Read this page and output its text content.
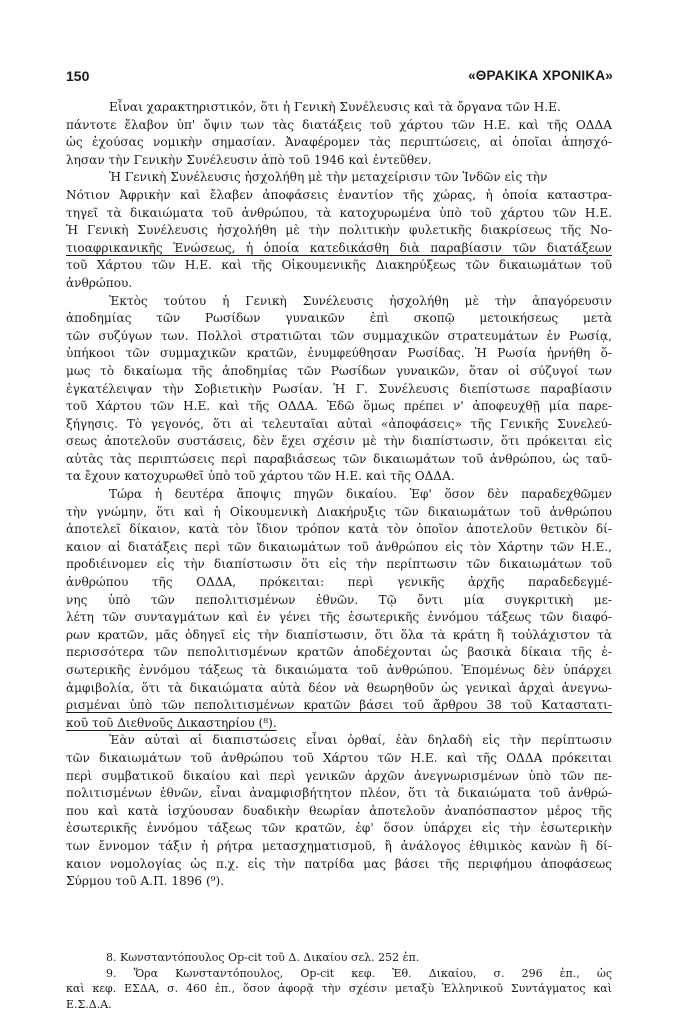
150	«ΘΡΑΚΙΚΑ ΧΡΟΝΙΚΑ»
Εἶναι χαρακτηριστικόν, ὅτι ἡ Γενικὴ Συνέλευσις καὶ τὰ ὄργανα τῶν Η.Ε.
πάντοτε ἔλαβον ὑπ' ὄψιν των τὰς διατάξεις τοῦ χάρτου τῶν Η.Ε. καὶ τῆς ΟΔΔΑ
ὡς ἐχούσας νομικὴν σημασίαν. Ἀναφέρομεν τὰς περιπτώσεις, αἱ ὁποῖαι ἀπησχό-
λησαν τὴν Γενικὴν Συνέλευσιν ἀπὸ τοῦ 1946 καὶ ἐντεῦθεν.
Ἡ Γενικὴ Συνέλευσις ἠσχολήθη μὲ τὴν μεταχείρισιν τῶν Ἰνδῶν εἰς τὴν
Νότιον Ἀφρικὴν καὶ ἔλαβεν ἀποφάσεις ἐναντίον τῆς χώρας, ἡ ὁποία καταστρα-
τηγεῖ τὰ δικαιώματα τοῦ ἀνθρώπου, τὰ κατοχυρωμένα ὑπὸ τοῦ χάρτου τῶν Η.Ε.
Ἡ Γενικὴ Συνέλευσις ἠσχολήθη μὲ τὴν πολιτικὴν φυλετικῆς διακρίσεως τῆς Νο-
τιοαφρικανικῆς Ἑνώσεως, ἡ ὁποία κατεδικάσθη διὰ παραβίασιν τῶν διατάξεων
τοῦ Χάρτου τῶν Η.Ε. καὶ τῆς Οἰκουμενικῆς Διακηρύξεως τῶν δικαιωμάτων τοῦ
ἀνθρώπου.
Ἐκτὸς τούτου ἡ Γενικὴ Συνέλευσις ἠσχολήθη μὲ τὴν ἀπαγόρευσιν
ἀποδημίας τῶν Ρωσίδων γυναικῶν ἐπὶ σκοπῷ μετοικήσεως μετὰ
τῶν συζύγων των. Πολλοὶ στρατιῶται τῶν συμμαχικῶν στρατευμάτων ἐν Ρωσίᾳ,
ὑπήκοοι τῶν συμμαχικῶν κρατῶν, ἐνυμφεύθησαν Ρωσίδας. Ἡ Ρωσία ἠρνήθη ὅ-
μως τὸ δικαίωμα τῆς ἀποδημίας τῶν Ρωσίδων γυναικῶν, ὅταν οἱ σύζυγοί των
ἐγκατέλειψαν τὴν Σοβιετικὴν Ρωσίαν. Ἡ Γ. Συνέλευσις διεπίστωσε παραβίασιν
τοῦ Χάρτου τῶν Η.Ε. καὶ τῆς ΟΔΔΑ. Ἐδῶ ὅμως πρέπει ν' ἀποφευχθῇ μία παρε-
ξήγησις. Τὸ γεγονός, ὅτι αἱ τελευταῖαι αὐταὶ «ἀποφάσεις» τῆς Γενικῆς Συνελεύ-
σεως ἀποτελοῦν συστάσεις, δὲν ἔχει σχέσιν μὲ τὴν διαπίστωσιν, ὅτι πρόκειται εἰς
αὐτὰς τὰς περιπτώσεις περὶ παραβιάσεως τῶν δικαιωμάτων τοῦ ἀνθρώπου, ὡς ταῦ-
τα ἔχουν κατοχυρωθεῖ ὑπὸ τοῦ χάρτου τῶν Η.Ε. καὶ τῆς ΟΔΔΑ.
Τώρα ἡ δευτέρα ἄποψις πηγῶν δικαίου. Ἐφ' ὅσον δὲν παραδεχθῶμεν
τὴν γνώμην, ὅτι καὶ ἡ Οἰκουμενικὴ Διακήρυξις τῶν δικαιωμάτων τοῦ ἀνθρώπου
ἀποτελεῖ δίκαιον, κατὰ τὸν ἴδιον τρόπον κατὰ τὸν ὁποῖον ἀποτελοῦν θετικὸν δί-
καιον αἱ διατάξεις περὶ τῶν δικαιωμάτων τοῦ ἀνθρώπου εἰς τὸν Χάρτην τῶν Η.Ε.,
προδιέινομεν εἰς τὴν διαπίστωσιν ὅτι εἰς τὴν περίπτωσιν τῶν δικαιωμάτων τοῦ
ἀνθρώπου τῆς ΟΔΔΑ, πρόκειται: περὶ γενικῆς ἀρχῆς παραδεδεγμέ-
νης ὑπὸ τῶν πεπολιτισμένων ἐθνῶν. Τῷ ὄντι μία συγκριτικὴ με-
λέτη τῶν συνταγμάτων καὶ ἐν γένει τῆς ἐσωτερικῆς ἐννόμου τάξεως τῶν διαφό-
ρων κρατῶν, μᾶς ὁδηγεῖ εἰς τὴν διαπίστωσιν, ὅτι ὅλα τὰ κράτη ἢ τοὐλάχιστον τὰ
περισσότερα τῶν πεπολιτισμένων κρατῶν ἀποδέχονται ὡς βασικὰ δίκαια τῆς ἐ-
σωτερικῆς ἐννόμου τάξεως τὰ δικαιώματα τοῦ ἀνθρώπου. Ἑπομένως δὲν ὑπάρχει
ἀμφιβολία, ὅτι τὰ δικαιώματα αὐτὰ δέον νὰ θεωρηθοῦν ὡς γενικαὶ ἀρχαὶ ἀνεγνω-
ρισμέναι ὑπὸ τῶν πεπολιτισμένων κρατῶν βάσει τοῦ ἄρθρου 38 τοῦ Καταστατι-
κοῦ τοῦ Διεθνοῦς Δικαστηρίου (⁸).
Ἐὰν αὐταὶ αἱ διαπιστώσεις εἶναι ὀρθαί, ἐὰν δηλαδὴ εἰς τὴν περίπτωσιν
τῶν δικαιωμάτων τοῦ ἀνθρώπου τοῦ Χάρτου τῶν Η.Ε. καὶ τῆς ΟΔΔΑ πρόκειται
περὶ συμβατικοῦ δικαίου καὶ περὶ γενικῶν ἀρχῶν ἀνεγνωρισμένων ὑπὸ τῶν πε-
πολιτισμένων ἐθνῶν, εἶναι ἀναμφισβήτητον πλέον, ὅτι τὰ δικαιώματα τοῦ ἀνθρώ-
που καὶ κατὰ ἰσχύουσαν δυαδικὴν θεωρίαν ἀποτελοῦν ἀναπόσπαστον μέρος τῆς
ἐσωτερικῆς ἐννόμου τάξεως τῶν κρατῶν, ἐφ' ὅσον ὑπάρχει εἰς τὴν ἐσωτερικὴν
των ἔννομον τάξιν ἡ ρήτρα μετασχηματισμοῦ, ἢ ἀνάλογος ἐθιμικὸς κανὼν ἢ δί-
καιον νομολογίας ὡς π.χ. εἰς τὴν πατρίδα μας βάσει τῆς περιφήμου ἀποφάσεως
Σύρμου τοῦ Α.Π. 1896 (⁹).
8. Κωνσταντόπουλος Op-cit τοῦ Δ. Δικαίου σελ. 252 ἐπ.
9. Ὅρα Κωνσταντόπουλος, Op-cit κεφ. Ἐθ. Δικαίου, σ. 296 ἐπ., ὡς
καὶ κεφ. ΕΣΔΑ, σ. 460 ἐπ., ὅσον ἀφορᾷ τὴν σχέσιν μεταξὺ Ἑλληνικοῦ Συντάγματος καὶ
Ε.Σ.Δ.Α.
